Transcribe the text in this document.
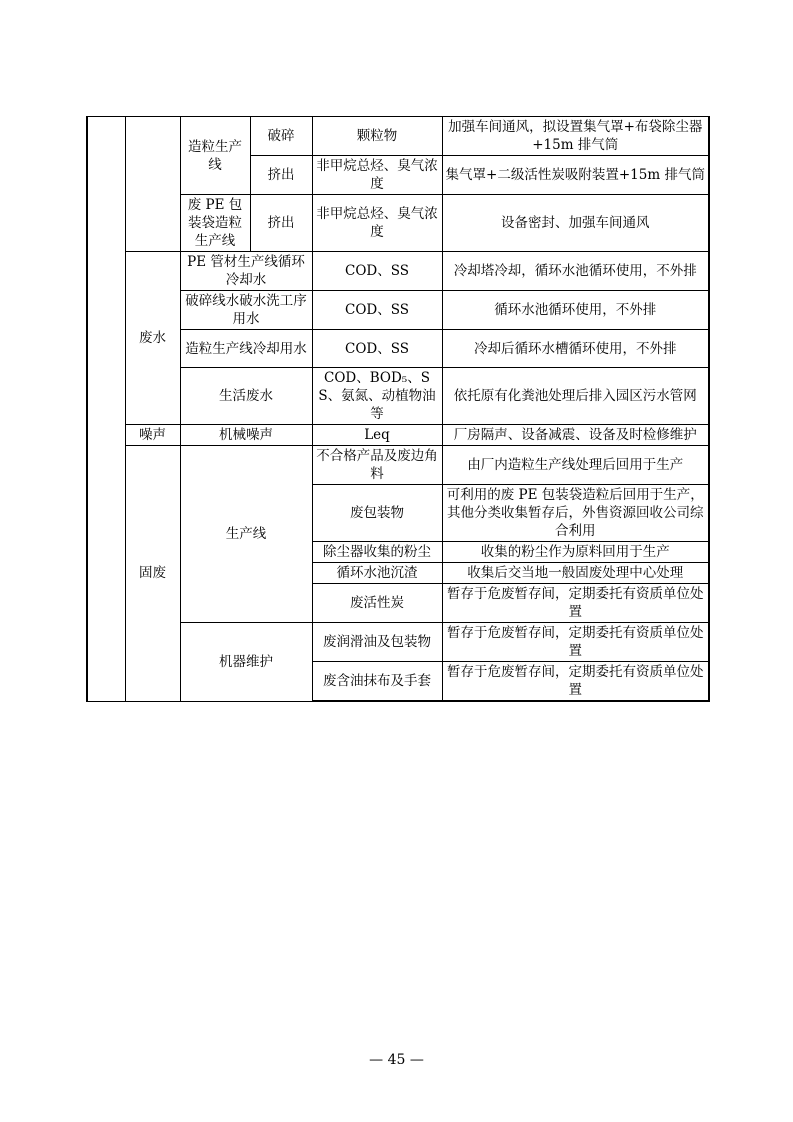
		造粒生产线	破碎	颗粒物	加强车间通风，拟设置集气罩+布袋除尘器+15m 排气筒
			挤出	非甲烷总烃、臭气浓度	集气罩+二级活性炭吸附装置+15m 排气筒
		废 PE 包装袋造粒生产线	挤出	非甲烷总烃、臭气浓度	设备密封、加强车间通风
	废水	PE 管材生产线循环冷却水		COD、SS	冷却塔冷却，循环水池循环使用，不外排
		破碎线水破水洗工序用水		COD、SS	循环水池循环使用，不外排
		造粒生产线冷却用水		COD、SS	冷却后循环水槽循环使用，不外排
		生活废水		COD、BOD₅、SS、氨氮、动植物油等	依托原有化粪池处理后排入园区污水管网
	噪声	机械噪声		Leq	厂房隔声、设备减震、设备及时检修维护
	固废	生产线		不合格产品及废边角料	由厂内造粒生产线处理后回用于生产
				废包装物	可利用的废 PE 包装袋造粒后回用于生产，其他分类收集暂存后，外售资源回收公司综合利用
				除尘器收集的粉尘	收集的粉尘作为原料回用于生产
				循环水池沉渣	收集后交当地一般固废处理中心处理
				废活性炭	暂存于危废暂存间，定期委托有资质单位处置
		机器维护		废润滑油及包装物	暂存于危废暂存间，定期委托有资质单位处置
				废含油抹布及手套	暂存于危废暂存间，定期委托有资质单位处置
— 45 —
